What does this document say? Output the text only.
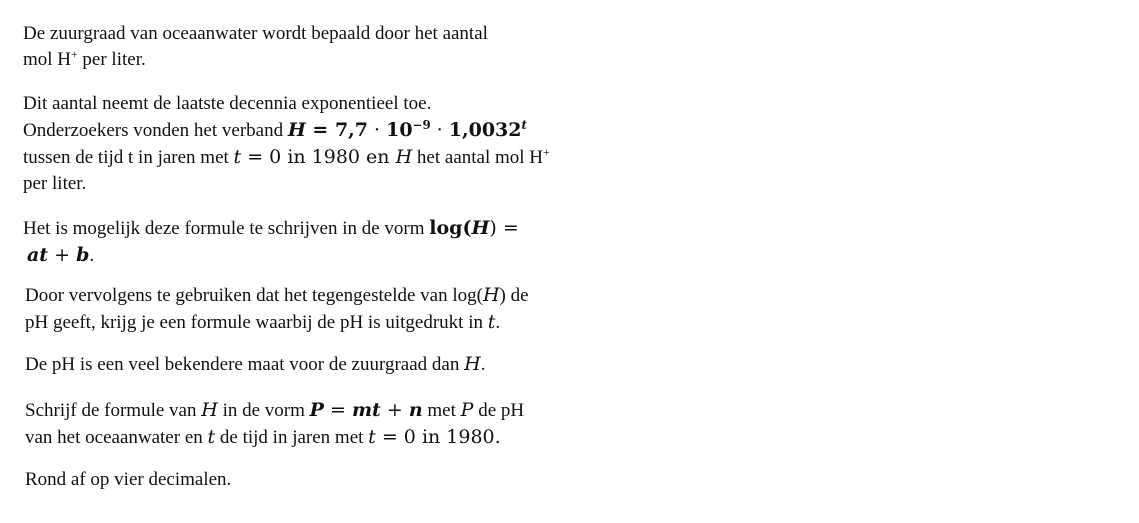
De zuurgraad van oceaanwater wordt bepaald door het aantal
mol H+ per liter.
Dit aantal neemt de laatste decennia exponentieel toe.
Onderzoekers vonden het verband $H = 7,7 \cdot 10^{-9} \cdot 1,0032^t$
tussen de tijd t in jaren met t = 0 in 1980 en H het aantal mol H+
per liter.
Het is mogelijk deze formule te schrijven in de vorm log(H) =
at + b.
Door vervolgens te gebruiken dat het tegengestelde van log(H) de
pH geeft, krijg je een formule waarbij de pH is uitgedrukt in t.
De pH is een veel bekendere maat voor de zuurgraad dan H.
Schrijf de formule van H in de vorm P = mt + n met P de pH
van het oceaanwater en t de tijd in jaren met t = 0 in 1980.
Rond af op vier decimalen.
